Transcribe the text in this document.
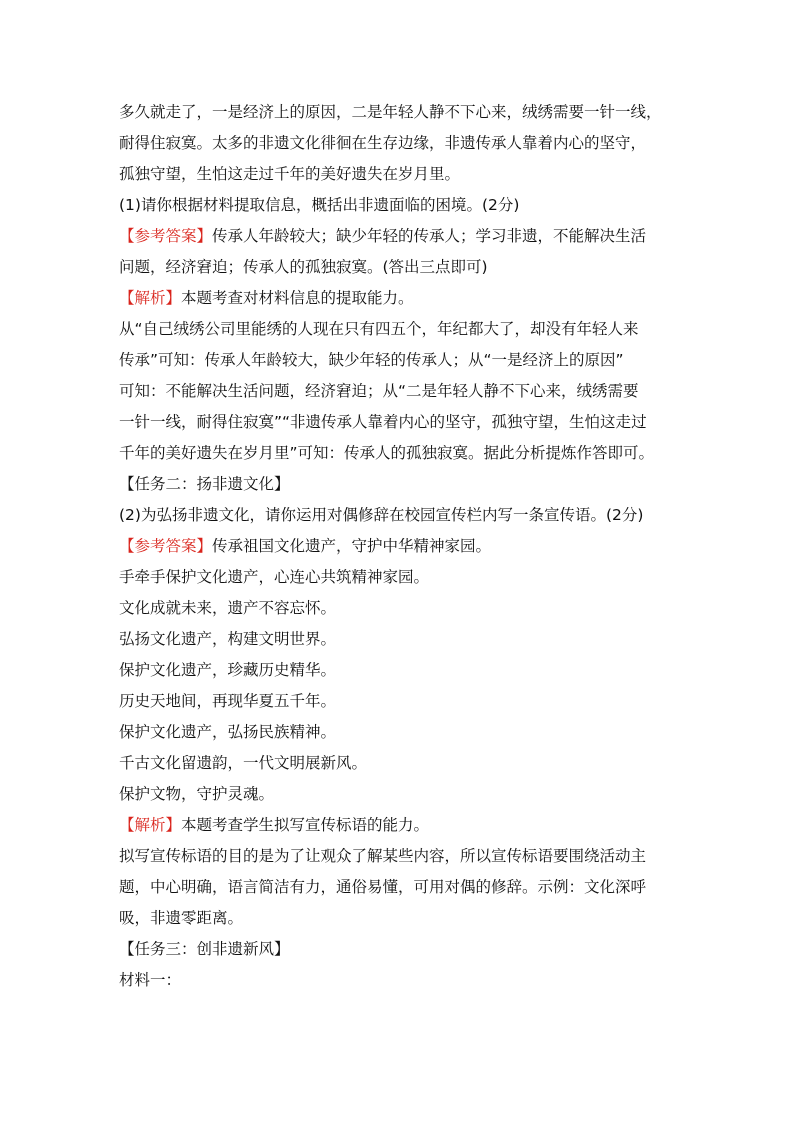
多久就走了，一是经济上的原因，二是年轻人静不下心来，绒绣需要一针一线，
耐得住寂寞。太多的非遗文化徘徊在生存边缘，非遗传承人靠着内心的坚守，
孤独守望，生怕这走过千年的美好遗失在岁月里。
(1)请你根据材料提取信息，概括出非遗面临的困境。(2分)
【参考答案】传承人年龄较大；缺少年轻的传承人；学习非遗，不能解决生活
问题，经济窘迫；传承人的孤独寂寞。(答出三点即可)
【解析】本题考查对材料信息的提取能力。
从“自己绒绣公司里能绣的人现在只有四五个，年纪都大了，却没有年轻人来
传承”可知：传承人年龄较大，缺少年轻的传承人；从“一是经济上的原因”
可知：不能解决生活问题，经济窘迫；从“二是年轻人静不下心来，绒绣需要
一针一线，耐得住寂寞”“非遗传承人靠着内心的坚守，孤独守望，生怕这走过
千年的美好遗失在岁月里”可知：传承人的孤独寂寞。据此分析提炼作答即可。
【任务二：扬非遗文化】
(2)为弘扬非遗文化，请你运用对偶修辞在校园宣传栏内写一条宣传语。(2分)
【参考答案】传承祖国文化遗产，守护中华精神家园。
手牵手保护文化遗产，心连心共筑精神家园。
文化成就未来，遗产不容忘怀。
弘扬文化遗产，构建文明世界。
保护文化遗产，珍藏历史精华。
历史天地间，再现华夏五千年。
保护文化遗产，弘扬民族精神。
千古文化留遗韵，一代文明展新风。
保护文物，守护灵魂。
【解析】本题考查学生拟写宣传标语的能力。
拟写宣传标语的目的是为了让观众了解某些内容，所以宣传标语要围绕活动主
题，中心明确，语言简洁有力，通俗易懂，可用对偶的修辞。示例：文化深呼
吸，非遗零距离。
【任务三：创非遗新风】
材料一：
